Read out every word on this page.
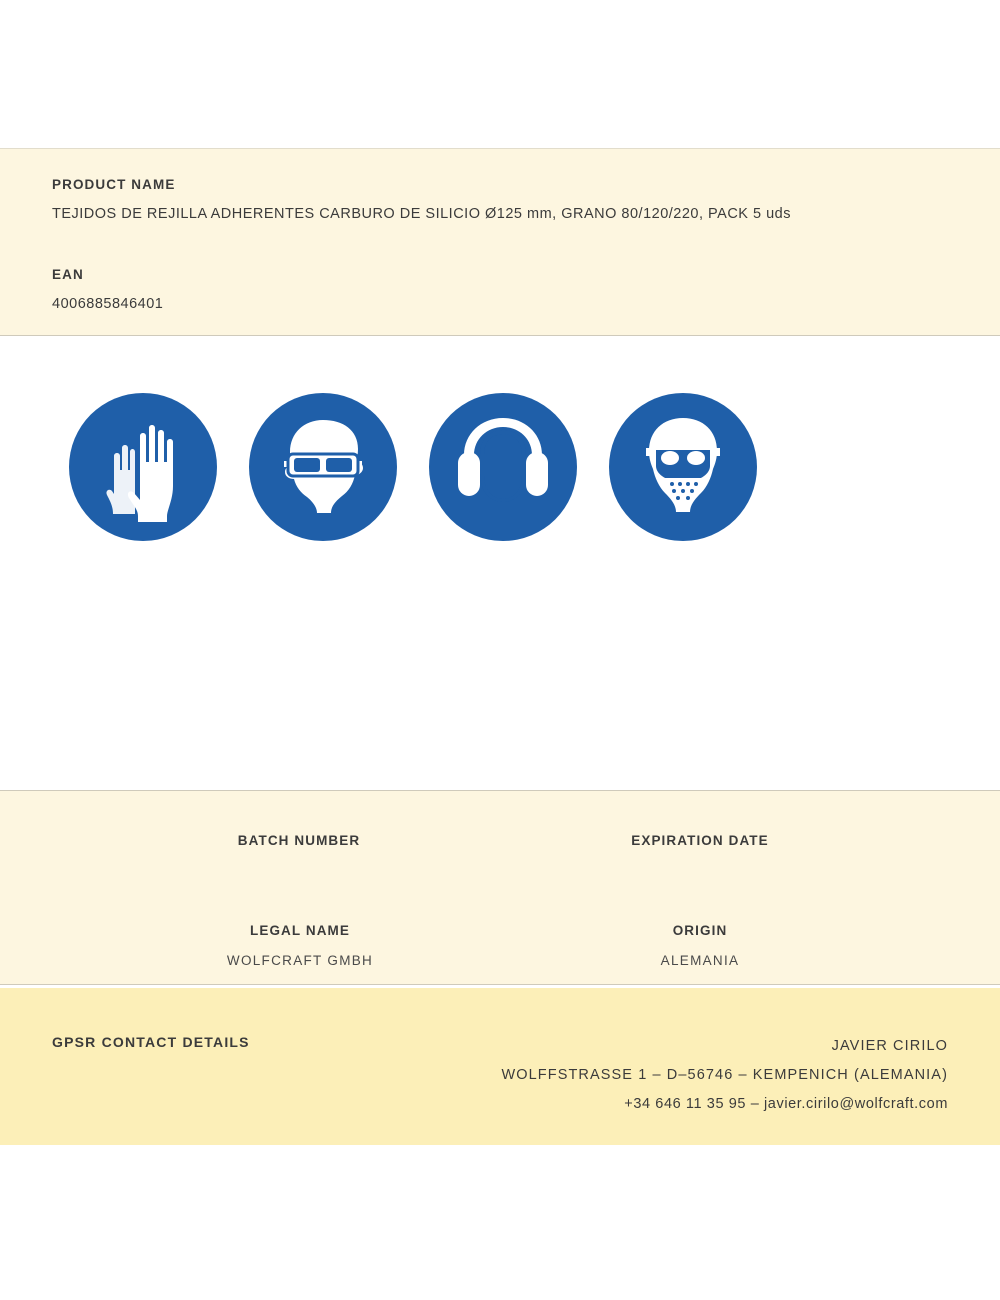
PRODUCT NAME
TEJIDOS DE REJILLA ADHERENTES CARBURO DE SILICIO Ø125 mm, GRANO 80/120/220, PACK 5 uds
EAN
4006885846401
BATCH NUMBER	EXPIRATION DATE
LEGAL NAME
WOLFCRAFT GMBH
ORIGIN
ALEMANIA
GPSR CONTACT DETAILS	JAVIER CIRILO
WOLFFSTRASSE 1 – D–56746 – KEMPENICH (ALEMANIA)
+34 646 11 35 95 – javier.cirilo@wolfcraft.com
